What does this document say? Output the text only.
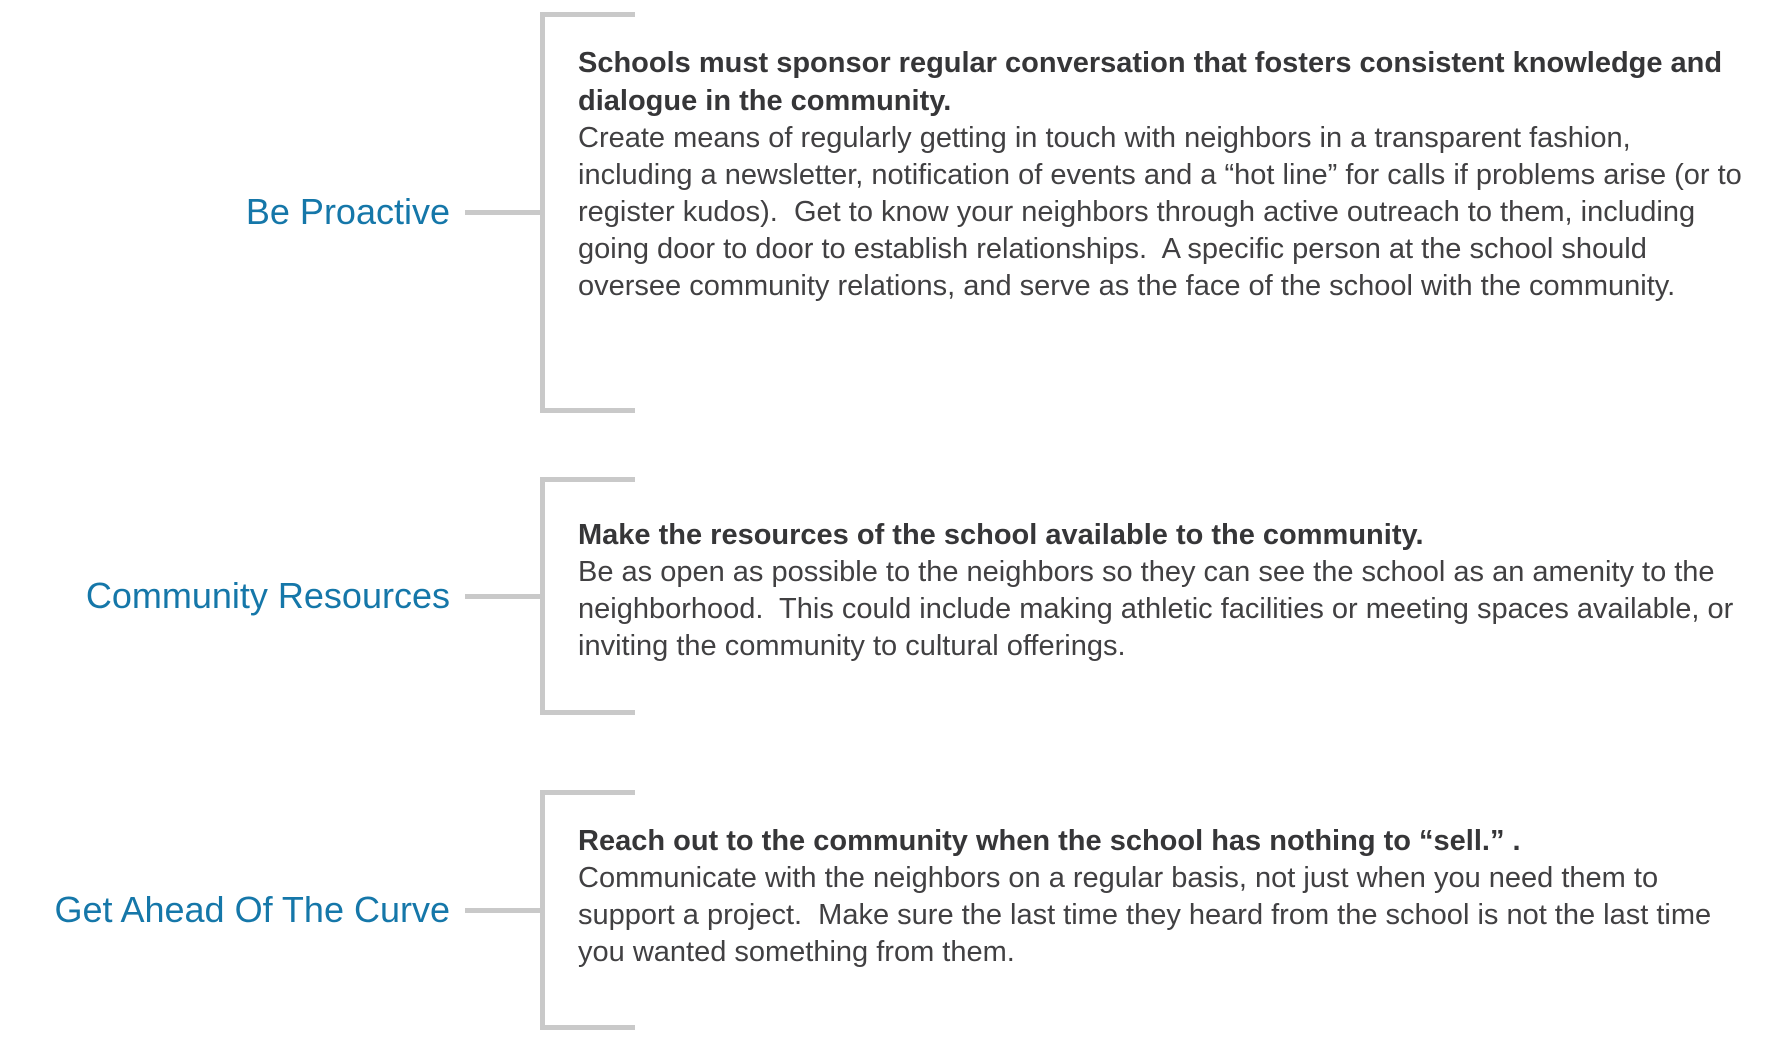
Be Proactive
Schools must sponsor regular conversation that fosters consistent knowledge and dialogue in the community.
Create means of regularly getting in touch with neighbors in a transparent fashion, including a newsletter, notification of events and a “hot line” for calls if problems arise (or to register kudos).  Get to know your neighbors through active outreach to them, including going door to door to establish relationships.  A specific person at the school should oversee community relations, and serve as the face of the school with the community.
Community Resources
Make the resources of the school available to the community.
Be as open as possible to the neighbors so they can see the school as an amenity to the neighborhood.  This could include making athletic facilities or meeting spaces available, or inviting the community to cultural offerings.
Get Ahead Of The Curve
Reach out to the community when the school has nothing to “sell.” .
Communicate with the neighbors on a regular basis, not just when you need them to support a project.  Make sure the last time they heard from the school is not the last time you wanted something from them.
